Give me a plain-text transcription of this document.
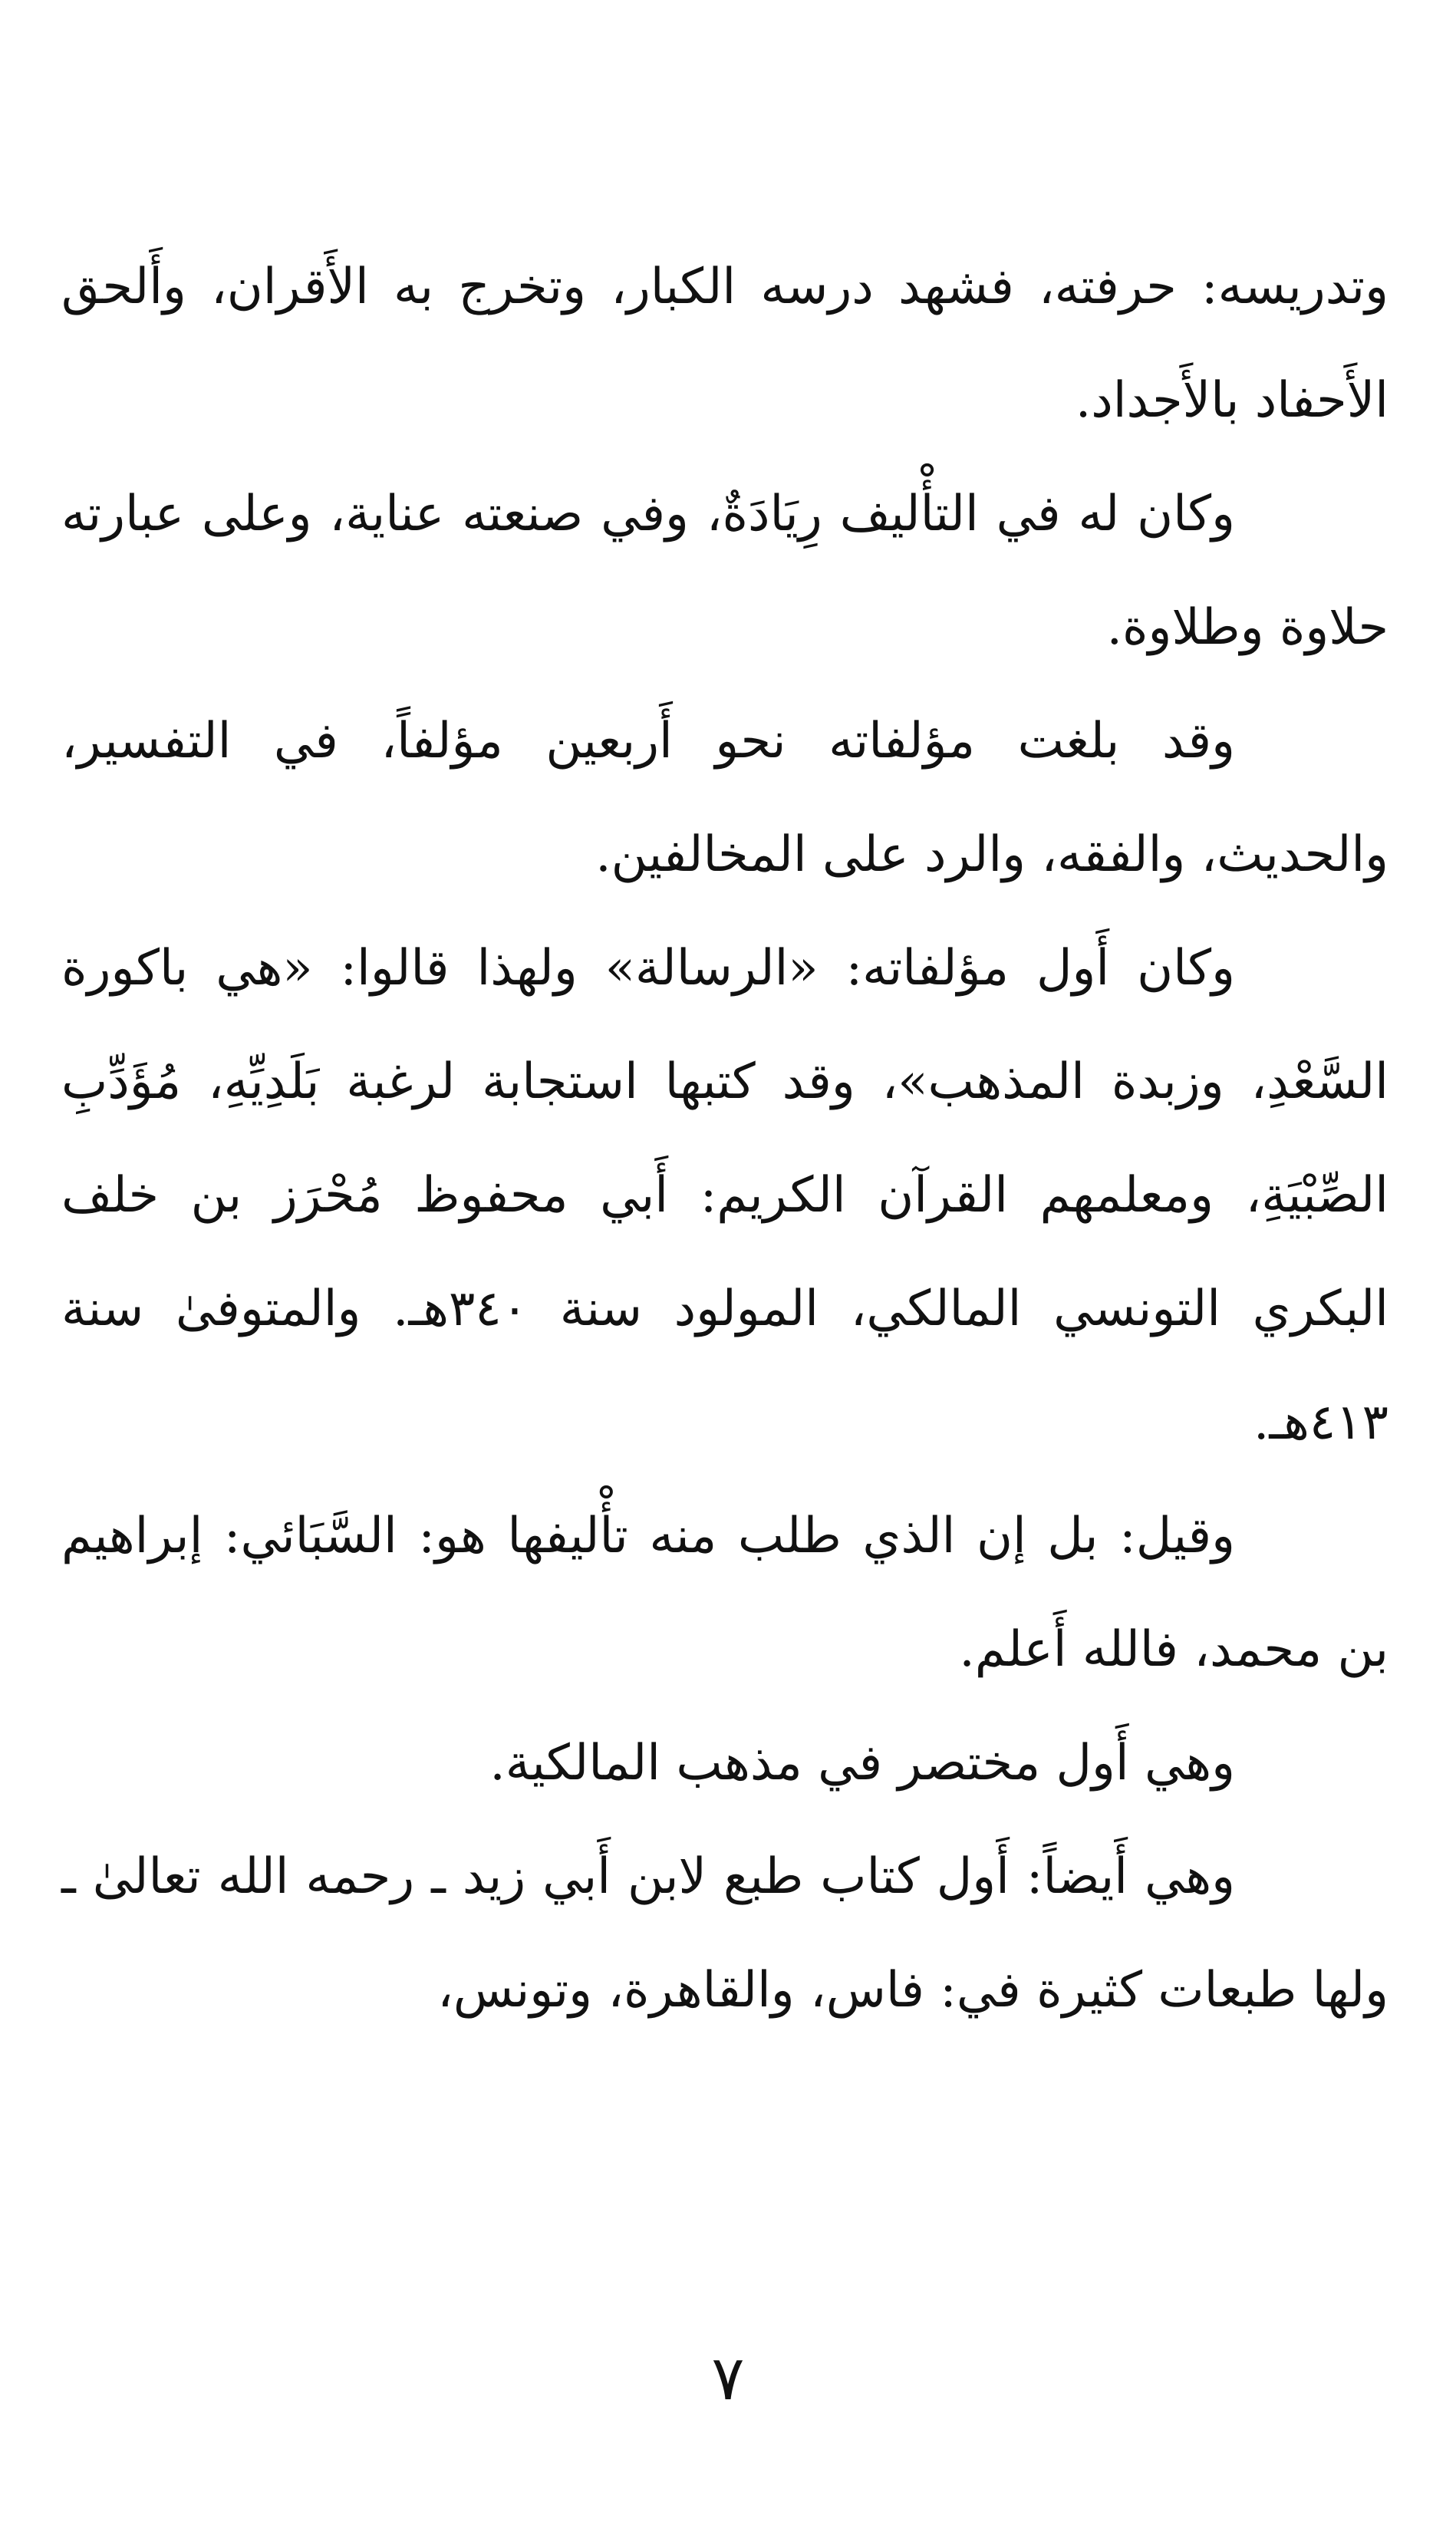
وتدريسه: حرفته، فشهد درسه الكبار، وتخرج به الأَقران، وأَلحق الأَحفاد بالأَجداد.

وكان له في التأْليف رِيَادَةٌ، وفي صنعته عناية، وعلى عبارته حلاوة وطلاوة.

وقد بلغت مؤلفاته نحو أَربعين مؤلفاً، في التفسير، والحديث، والفقه، والرد على المخالفين.

وكان أَول مؤلفاته: «الرسالة» ولهذا قالوا: «هي باكورة السَّعْدِ، وزبدة المذهب»، وقد كتبها استجابة لرغبة بَلَدِيِّهِ، مُؤَدِّبِ الصِّبْيَةِ، ومعلمهم القرآن الكريم: أَبي محفوظ مُحْرَز بن خلف البكري التونسي المالكي، المولود سنة ٣٤٠هـ. والمتوفىٰ سنة ٤١٣هـ.

وقيل: بل إن الذي طلب منه تأْليفها هو: السَّبَائي: إبراهيم بن محمد، فالله أَعلم.

وهي أَول مختصر في مذهب المالكية.

وهي أَيضاً: أَول كتاب طبع لابن أَبي زيد ـ رحمه الله تعالىٰ ـ ولها طبعات كثيرة في: فاس، والقاهرة، وتونس،

٧
